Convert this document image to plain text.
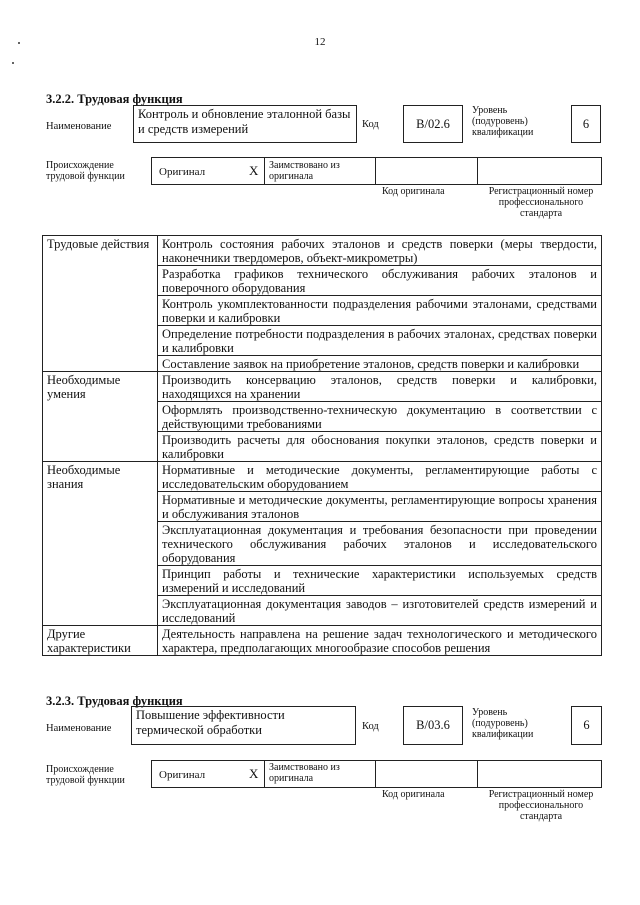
12
3.2.2. Трудовая функция
Наименование
Контроль и обновление эталонной базы и средств измерений	Код	B/02.6
Уровень (подуровень) квалификации
6
Происхождение трудовой функции	Оригинал	X Заимствовано из оригинала
Код оригинала	Регистрационный номер профессионального стандарта
Трудовые действия	Контроль состояния рабочих эталонов и средств поверки (меры твердости, наконечники твердомеров, объект-микрометры)
	Разработка графиков технического обслуживания рабочих эталонов и поверочного оборудования
	Контроль укомплектованности подразделения рабочими эталонами, средствами поверки и калибровки
	Определение потребности подразделения в рабочих эталонах, средствах поверки и калибровки
	Составление заявок на приобретение эталонов, средств поверки и калибровки
Необходимые умения	Производить консервацию эталонов, средств поверки и калибровки, находящихся на хранении
	Оформлять производственно-техническую документацию в соответствии с действующими требованиями
	Производить расчеты для обоснования покупки эталонов, средств поверки и калибровки
Необходимые знания	Нормативные и методические документы, регламентирующие работы с исследовательским оборудованием
	Нормативные и методические документы, регламентирующие вопросы хранения и обслуживания эталонов
	Эксплуатационная документация и требования безопасности при проведении технического обслуживания рабочих эталонов и исследовательского оборудования
	Принцип работы и технические характеристики используемых средств измерений и исследований
	Эксплуатационная документация заводов – изготовителей средств измерений и исследований
Другие характеристики	Деятельность направлена на решение задач технологического и методического характера, предполагающих многообразие способов решения
3.2.3. Трудовая функция
Наименование
Повышение эффективности термической обработки	Код	B/03.6
Уровень (подуровень) квалификации
6
Происхождение трудовой функции	Оригинал	X Заимствовано из оригинала
Код оригинала	Регистрационный номер профессионального стандарта
